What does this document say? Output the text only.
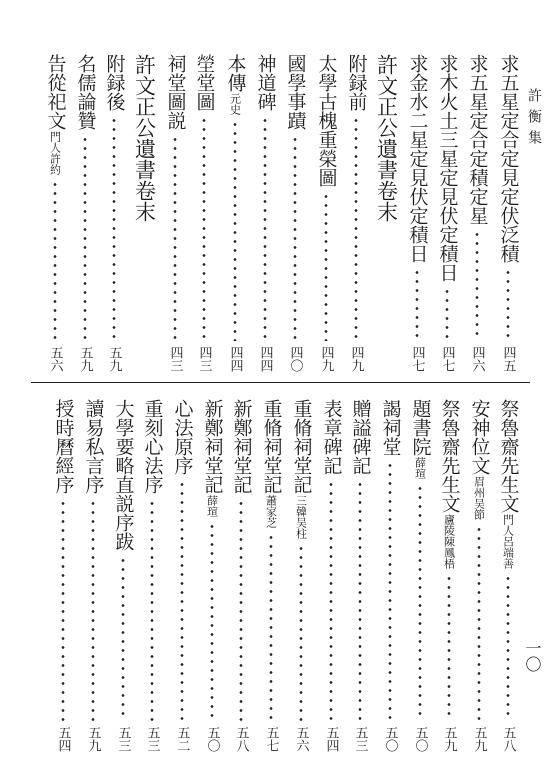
許衡集
一〇
求五星定合定見定伏泛積
四五
求五星定合定積定星
四六
求木火土三星定見伏定積日
四七
求金水二星定見伏定積日
四七
許文正公遺書卷末
附録前
四九
太學古槐重榮圖
四九
國學事蹟
四〇
神道碑
四四
本傳
元史
四四
塋堂圖
四三
祠堂圖説
四三
許文正公遺書卷末
附録後
五九
名儒論贊
五九
告從祀文
門人許約
五六
祭魯齋先生文
門人呂端善
五八
安神位文
眉州吴節
五九
祭魯齋先生文
廬陵陳鳳梧
五九
題書院
薛瑄
五〇
謁祠堂
五〇
贈謚碑記
五三
表章碑記
五四
重脩祠堂記
三韓吴柱
五六
重脩祠堂記
蕭家芝
五七
新鄭祠堂記
五八
新鄭祠堂記
薛瑄
五〇
心法原序
五二
重刻心法序
五三
大學要略直説序跋
五三
讀易私言序
五九
授時曆經序
五四
